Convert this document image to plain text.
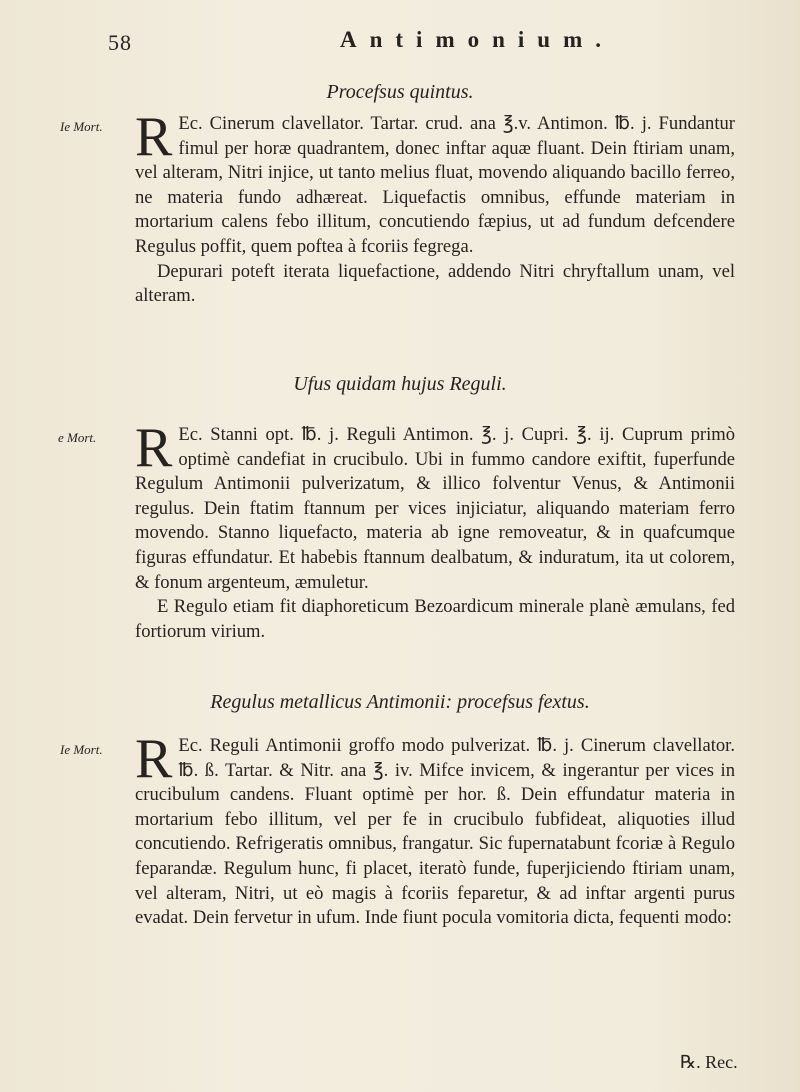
58	Antimonium.
Procefsus quintus.
Ie Mort. R Ec. Cinerum clavellator. Tartar. crud. ana ℥.v. Antimon. ℔. j. Fundantur fimul per horæ quadrantem, donec inftar aquæ fluant. Dein ftiriam unam, vel alteram, Nitri injice, ut tanto melius fluat, movendo aliquando bacillo ferreo, ne materia fundo adhæreat. Liquefactis omnibus, effunde materiam in mortarium calens febo illitum, concutiendo fæpius, ut ad fundum defcendere Regulus poffit, quem poftea à fcoriis fegrega.

Depurari poteft iterata liquefactione, addendo Nitri chryftallum unam, vel alteram.

Ufus quidam hujus Reguli.
e Mort. R Ec. Stanni opt. ℔. j. Reguli Antimon. ℥. j. Cupri. ℥. ij. Cuprum primò optimè candefiat in crucibulo. Ubi in fummo candore exiftit, fuperfunde Regulum Antimonii pulverizatum, & illico folventur Venus, & Antimonii regulus. Dein ftatim ftannum per vices injiciatur, aliquando materiam ferro movendo. Stanno liquefacto, materia ab igne removeatur, & in quafcumque figuras effundatur. Et habebis ftannum dealbatum, & induratum, ita ut colorem, & fonum argenteum, æmuletur.

E Regulo etiam fit diaphoreticum Bezoardicum minerale planè æmulans, fed fortiorum virium.

Regulus metallicus Antimonii: procefsus fextus.
Ie Mort. R Ec. Reguli Antimonii groffo modo pulverizat. ℔. j. Cinerum clavellator. ℔. ß. Tartar. & Nitr. ana ℥. iv. Mifce invicem, & ingerantur per vices in crucibulum candens. Fluant optimè per hor. ß. Dein effundatur materia in mortarium febo illitum, vel per fe in crucibulo fubfideat, aliquoties illud concutiendo. Refrigeratis omnibus, frangatur. Sic fupernatabunt fcoriæ à Regulo feparandæ. Regulum hunc, fi placet, iteratò funde, fuperjiciendo ftiriam unam, vel alteram, Nitri, ut eò magis à fcoriis feparetur, & ad inftar argenti purus evadat. Dein fervetur in ufum. Inde fiunt pocula vomitoria dicta, fequenti modo:

℞. Rec.
